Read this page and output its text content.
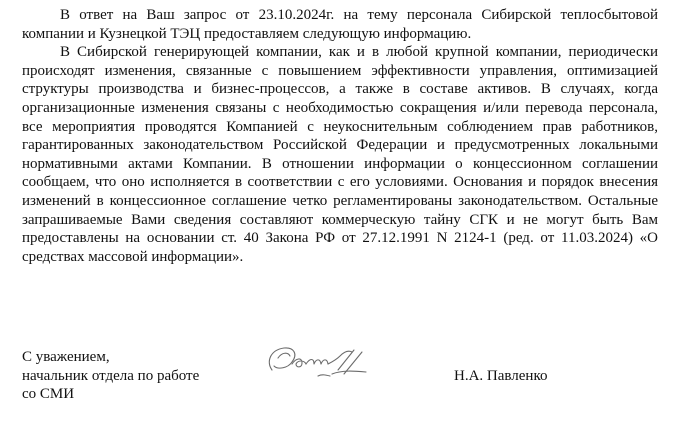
В ответ на Ваш запрос от 23.10.2024г. на тему персонала Сибирской теплосбытовой компании и Кузнецкой ТЭЦ предоставляем следующую информацию.

В Сибирской генерирующей компании, как и в любой крупной компании, периодически происходят изменения, связанные с повышением эффективности управления, оптимизацией структуры производства и бизнес-процессов, а также в составе активов. В случаях, когда организационные изменения связаны с необходимостью сокращения и/или перевода персонала, все мероприятия проводятся Компанией с неукоснительным соблюдением прав работников, гарантированных законодательством Российской Федерации и предусмотренных локальными нормативными актами Компании. В отношении информации о концессионном соглашении сообщаем, что оно исполняется в соответствии с его условиями. Основания и порядок внесения изменений в концессионное соглашение четко регламентированы законодательством. Остальные запрашиваемые Вами сведения составляют коммерческую тайну СГК и не могут быть Вам предоставлены на основании ст. 40 Закона РФ от 27.12.1991 N 2124-1 (ред. от 11.03.2024) «О средствах массовой информации».

С уважением,
начальник отдела по работе
со СМИ
Н.А. Павленко
